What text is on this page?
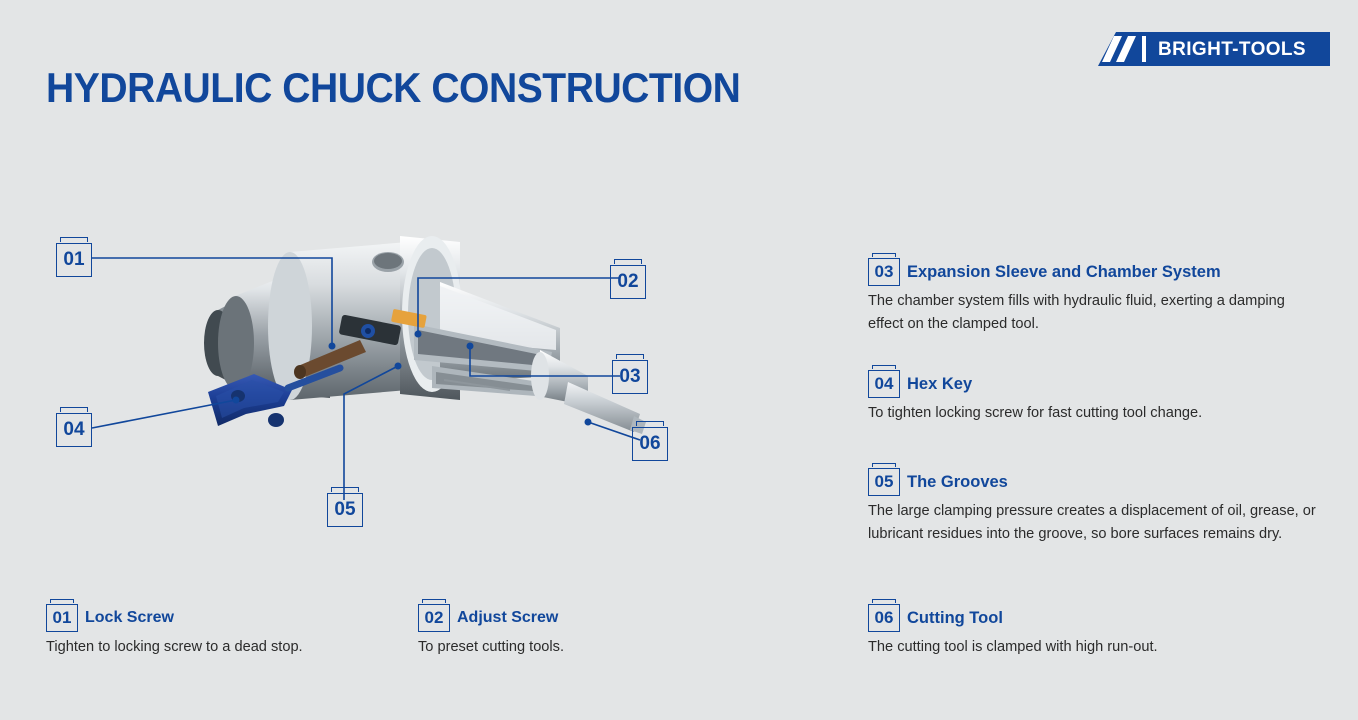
BRIGHT-TOOLS
HYDRAULIC CHUCK CONSTRUCTION
01
02
03
04
05
06
03 Expansion Sleeve and Chamber System
The chamber system fills with hydraulic fluid, exerting a damping effect on the clamped tool.
04 Hex Key
To tighten locking screw for fast cutting tool change.
05 The Grooves
The large clamping pressure creates a displacement of oil, grease, or lubricant residues into the groove, so bore surfaces remains dry.
06 Cutting Tool
The cutting tool is clamped with high run-out.
01 Lock Screw
Tighten to locking screw to a dead stop.
02 Adjust Screw
To preset cutting tools.
